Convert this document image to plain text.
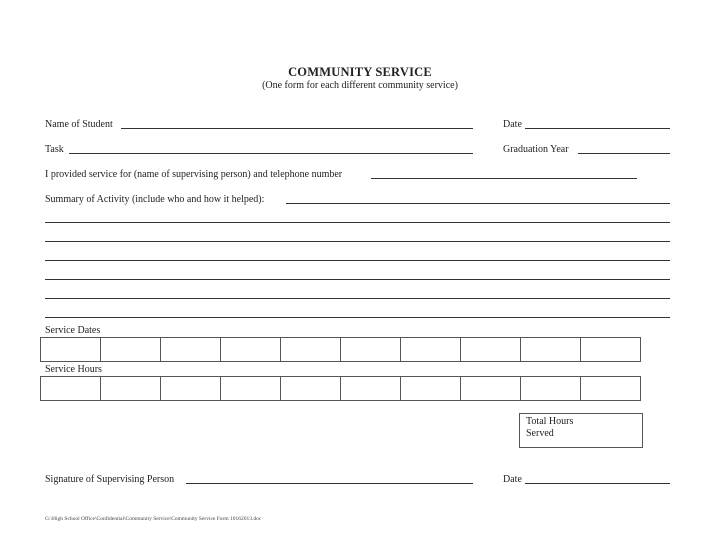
COMMUNITY SERVICE
(One form for each different community service)
Name of Student	Date
Task	Graduation Year
I provided service for (name of supervising person) and telephone number
Summary of Activity (include who and how it helped):
Service Dates
Service Hours
Total Hours
Served
Signature of Supervising Person	Date
G:\High School Office\Confidential\Community Service\Community Service Form 10162013.doc
